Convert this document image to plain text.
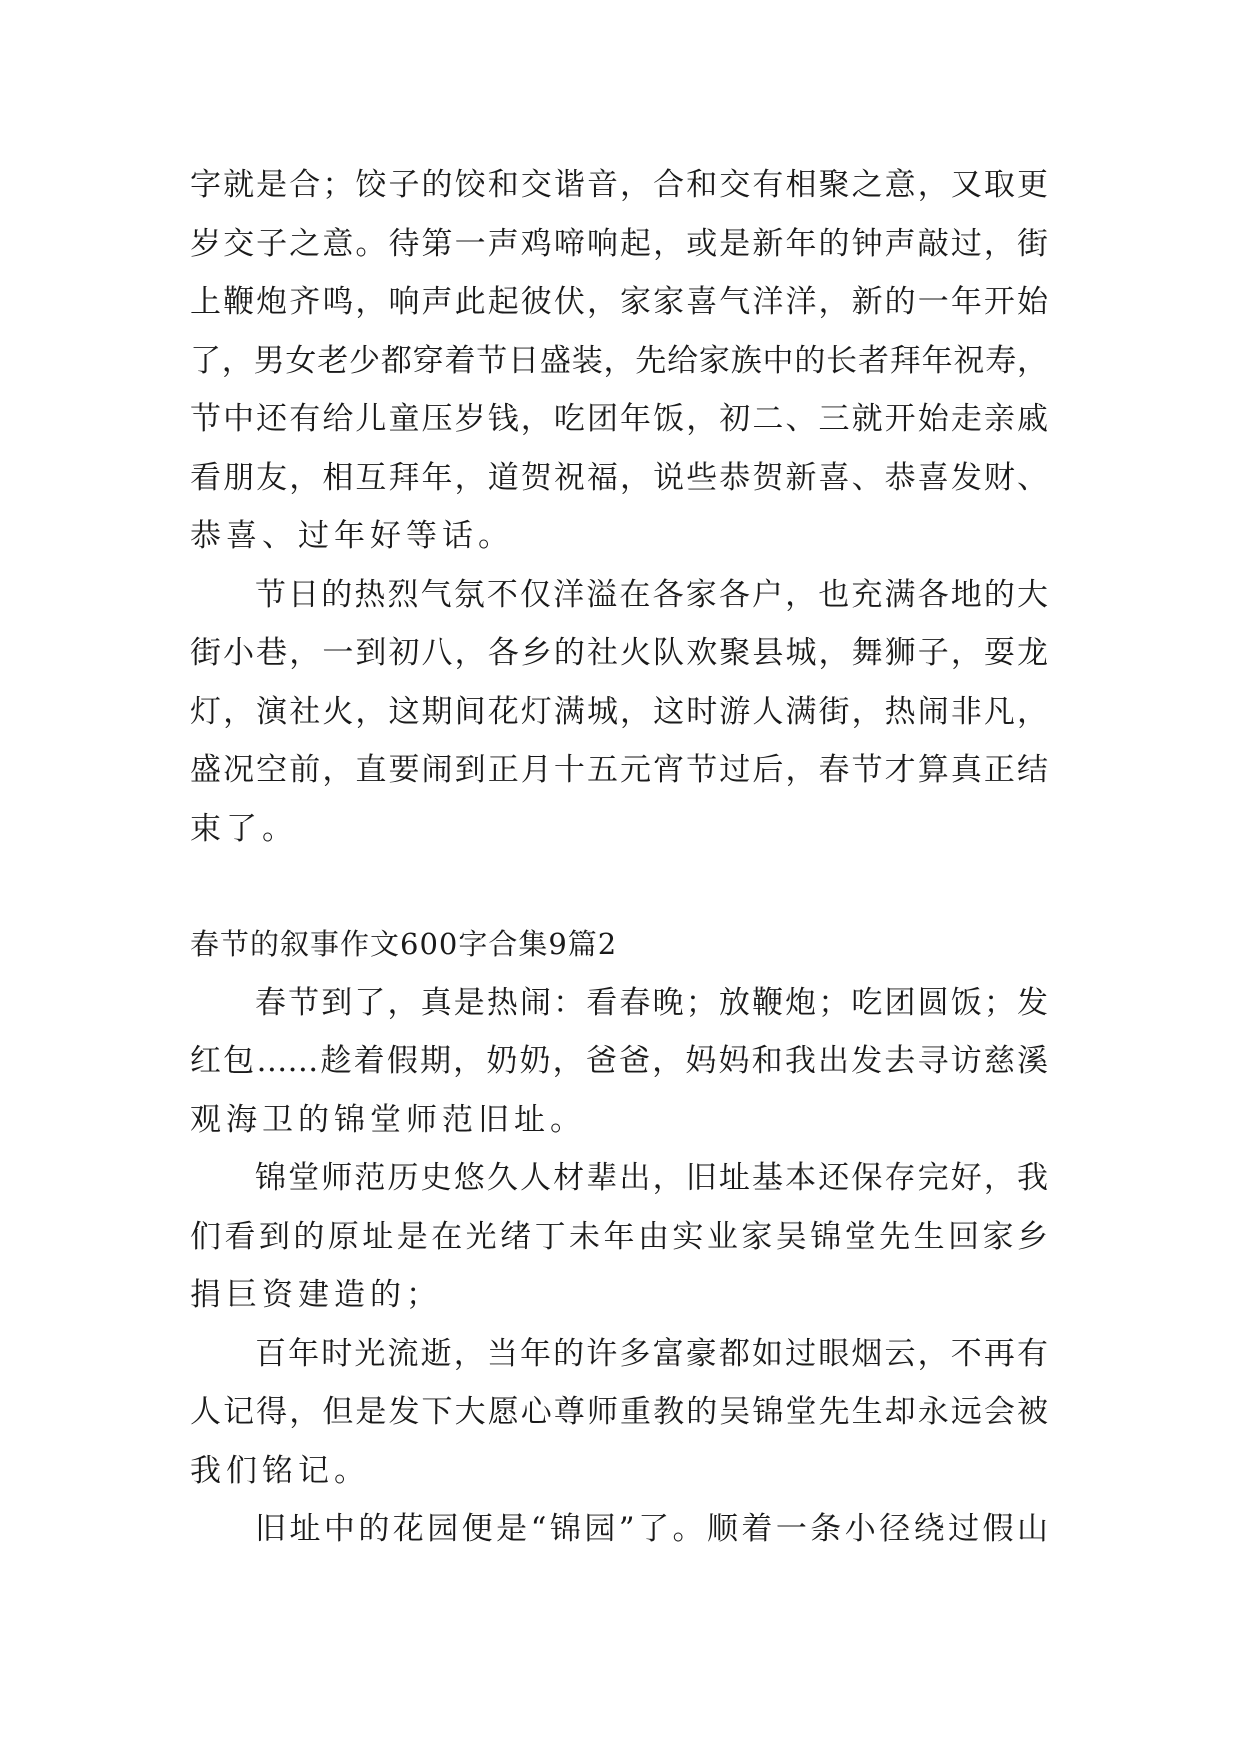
字就是合；饺子的饺和交谐音，合和交有相聚之意，又取更
岁交子之意。待第一声鸡啼响起，或是新年的钟声敲过，街
上鞭炮齐鸣，响声此起彼伏，家家喜气洋洋，新的一年开始
了，男女老少都穿着节日盛装，先给家族中的长者拜年祝寿，
节中还有给儿童压岁钱，吃团年饭，初二、三就开始走亲戚
看朋友，相互拜年，道贺祝福，说些恭贺新喜、恭喜发财、
恭喜、过年好等话。
节日的热烈气氛不仅洋溢在各家各户，也充满各地的大
街小巷，一到初八，各乡的社火队欢聚县城，舞狮子，耍龙
灯，演社火，这期间花灯满城，这时游人满街，热闹非凡，
盛况空前，直要闹到正月十五元宵节过后，春节才算真正结
束了。
春节的叙事作文600字合集9篇2
春节到了，真是热闹：看春晚；放鞭炮；吃团圆饭；发
红包……趁着假期，奶奶，爸爸，妈妈和我出发去寻访慈溪
观海卫的锦堂师范旧址。
锦堂师范历史悠久人材辈出，旧址基本还保存完好，我
们看到的原址是在光绪丁未年由实业家吴锦堂先生回家乡
捐巨资建造的；
百年时光流逝，当年的许多富豪都如过眼烟云，不再有
人记得，但是发下大愿心尊师重教的吴锦堂先生却永远会被
我们铭记。
旧址中的花园便是“锦园”了。顺着一条小径绕过假山
